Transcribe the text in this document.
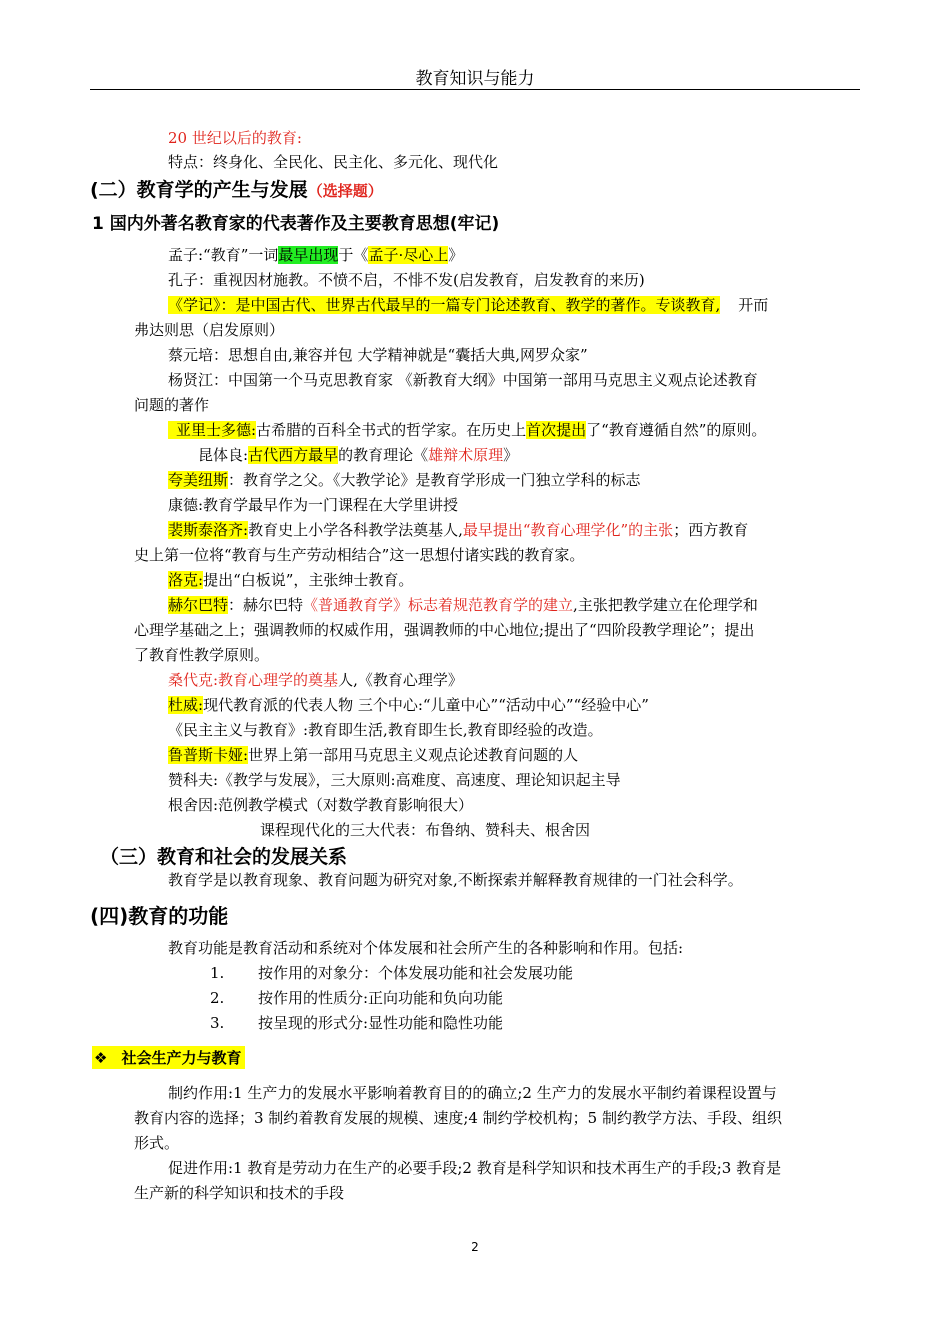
教育知识与能力
20 世纪以后的教育:
特点：终身化、全民化、民主化、多元化、现代化
(二）教育学的产生与发展（选择题）
1 国内外著名教育家的代表著作及主要教育思想(牢记)
孟子:“教育”一词最早出现于《孟子·尽心上》
孔子：重视因材施教。不愤不启，不悱不发(启发教育，启发教育的来历)
《学记》：是中国古代、世界古代最早的一篇专门论述教育、教学的著作。专谈教育, 开而
弗达则思（启发原则）
蔡元培：思想自由,兼容并包 大学精神就是“囊括大典,网罗众家”
杨贤江：中国第一个马克思教育家 《新教育大纲》中国第一部用马克思主义观点论述教育
问题的著作
亚里士多德:古希腊的百科全书式的哲学家。在历史上首次提出了“教育遵循自然”的原则。
昆体良:古代西方最早的教育理论《雄辩术原理》
夸美纽斯：教育学之父。《大教学论》是教育学形成一门独立学科的标志
康德:教育学最早作为一门课程在大学里讲授
裴斯泰洛齐:教育史上小学各科教学法奠基人,最早提出“教育心理学化”的主张；西方教育
史上第一位将“教育与生产劳动相结合”这一思想付诸实践的教育家。
洛克:提出“白板说”，主张绅士教育。
赫尔巴特：赫尔巴特《普通教育学》标志着规范教育学的建立,主张把教学建立在伦理学和
心理学基础之上；强调教师的权威作用，强调教师的中心地位;提出了“四阶段教学理论”；提出
了教育性教学原则。
桑代克:教育心理学的奠基人,《教育心理学》
杜威:现代教育派的代表人物 三个中心:“儿童中心”“活动中心”“经验中心”
《民主主义与教育》:教育即生活,教育即生长,教育即经验的改造。
鲁普斯卡娅:世界上第一部用马克思主义观点论述教育问题的人
赞科夫:《教学与发展》，三大原则:高难度、高速度、理论知识起主导
根舍因:范例教学模式（对数学教育影响很大）
课程现代化的三大代表：布鲁纳、赞科夫、根舍因
（三）教育和社会的发展关系
教育学是以教育现象、教育问题为研究对象,不断探索并解释教育规律的一门社会科学。
(四)教育的功能
教育功能是教育活动和系统对个体发展和社会所产生的各种影响和作用。包括:
1. 按作用的对象分：个体发展功能和社会发展功能
2. 按作用的性质分:正向功能和负向功能
3. 按呈现的形式分:显性功能和隐性功能
❖ 社会生产力与教育
制约作用:1 生产力的发展水平影响着教育目的的确立;2 生产力的发展水平制约着课程设置与
教育内容的选择；3 制约着教育发展的规模、速度;4 制约学校机构；5 制约教学方法、手段、组织
形式。
促进作用:1 教育是劳动力在生产的必要手段;2 教育是科学知识和技术再生产的手段;3 教育是
生产新的科学知识和技术的手段
2
